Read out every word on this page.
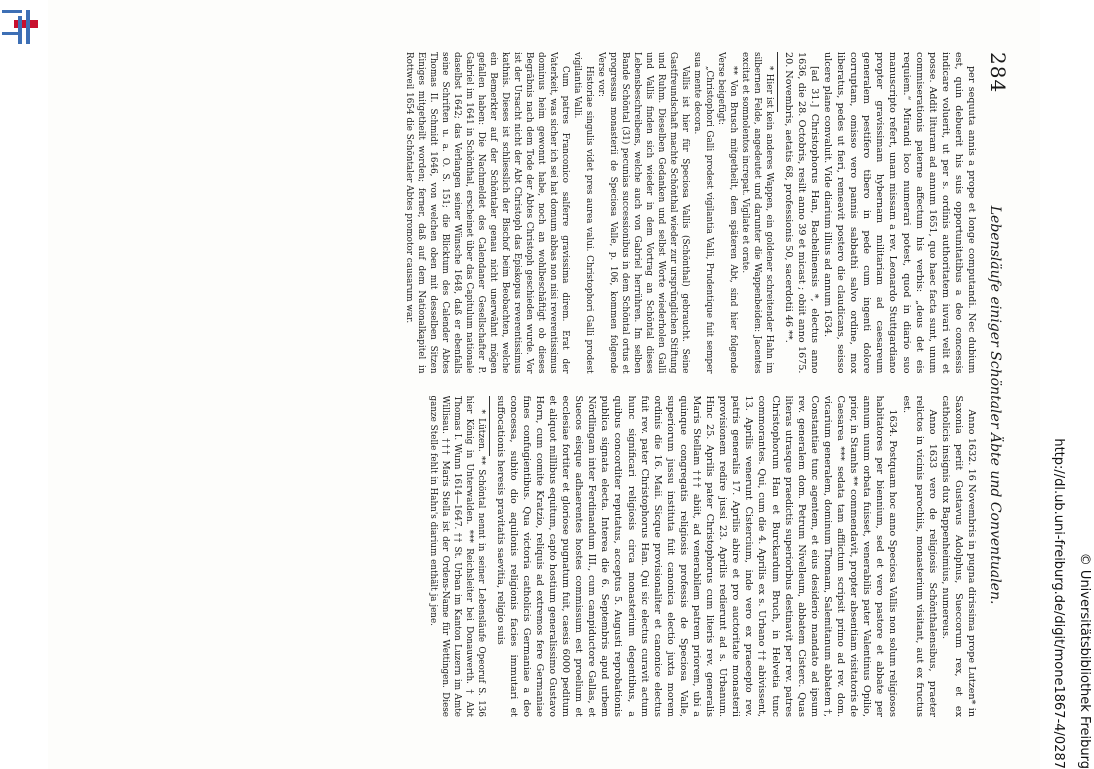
284
Lebensläufe einiger Schöntaler Äbte und Conventualen.

per sequuta annis a prope et longe computandi. Nec dubium est, quin debuerit his suis opportunitatibus a deo concessis indicare voluerit, ut per s. ordinis authoritatem iuvari velit et posse. Addit lituram ad annum 1651, quo haec facta sunt, unum commiserationis paterne affectum his verbis: „deus det eis requiem.“ Mirandi loco numerari potest, quod in diario suo manuscripto refert, unam missam a rev. Leonardo Stuttgardiano propter gravissimam hybernam militariam ad caesareum generalem pestifero tibero in pede cum ingenti dolore corruptam, omisso vero pannis sabbathi salvo ordine, mox liberatus, pedes ut fieri, remeavit postero die claudicans, seisso ulcere plane convaluit. Vide diarium illius ad annum 1634.

[ad 31.] Christophorus Han, Bachelinensis *, electus anno 1636, die 28. Octobris, resilt anno 39 et micast ; obiit anno 1675. 20. Novembris, aetatis 68, professionis 50, sacerdotii 46 **.

* Hier ist kein anderes Wappen, ein goldener schreitender Hahn im silbernen Felde, angedeutet und darunter die Wappenbeiden: Jacentes excitat et somnolentos increpat. Vigilate et orate.

** Von Brusch mitgetheilt, dem späteren Abt, sind hier folgende Verse beigefügt:

„Christophori Galli prodest vigilantia Valli, Prudentique fuit semper sua mente decora.

Vallis ist hier für Speciosa Vallis (Schönthal) gebraucht. Seine Gastfreundschaft machte Schönthal wieder zur ursprünglichen Stiftung und Ruhm. Dieselben Gedanken und selbst Worte wiederholen Galli und Vallis finden sich wieder in dem Vortrag an Schöntal dieses Lebensbeschreibens, welche auch von Gabriel herrühren. Im selben Bande Schöntal (31) pecunias successionibus in dem Schöntal ortus et progressus monasterii de Speciosa Valle, p. 106, kommen folgende Verse vor:

Historiae singulis videt pres aurea valui. Christophori Galli prodest vigilantia Valli.

Cum patres Franconico salferre gravissima direm. Erat der Vaterkeit, was sicher ich sei hat domum abbas non nisi reverentissimus dominus heim gewonnt habe, noch an wohlbeschäftigt ob dieses Begräbnis nach dem Tode der Abtes Christoph geschieden wurde. Vor ist der Ursacht nicht der Abt Christoph das Episkopus reverentissimus kathnis. Dieses ist schliesslich der Bischof beim Beobachten, welche ein Bemerkter auf der Schöntaler genau nicht unerwähnt mögen gefallen haben: Die Nachmeldet des Calendaner Gesellschafter P. Gabriel im 1641 in Schönthal, erscheinet über das Capitulum nationale daselbst 1642; das Verlangen seiner Wünsche 1648, daß er ebenfalls seine Schriften u. a. O. S. 151; die Blicktum des Calender Abtes Thomas II. Schmidt 1646, von welchen oben mit desselben Sitzen Einiges mitgetheilt worden; ferner, daß auf dem Nationalkapitel in Rottweil 1654 die Schöntaler Abtes promotor causarum war.

Anno 1632. 16 Novembris in pugna dirissima prope Lutzen* in Saxonia periit Gustavus Adolphus, Sueccorum rex, et ex catholicis insignis dux Bappenheimius, numereus.

Anno 1633 vero de religiosis Schönthalensibus, praeter relictos in vicinis parochiis, monasterium visitant, aut ex fructus est.

1634. Postquam hoc anno Speciosa Vallis non solum religiosos habitatores per biennium, sed et vero pastore et abbate per annum unum orbata fuisset, venerabilis pater Valentinus Opilio, prior, in Stamhs ** commendavit, propter absentiam visitatoris de Caesarea *** sedata tam afflictum scripsit primo ad rev. dom. vicarium generalem, dominum Thomam, Salemitanum abbatem †, Constantiae tunc agentem, et eius desiderio mandato ad ipsum rev. generalem dom. Petrum Nivelleum, abbatem Cisterc. Quas literas utrasque praedictis superioribus destinavit per rev. patres Christophorum Han et Burckardum Bruch, in Helvetia tunc commorantes. Qui, cum die 4. Aprilis ex s. Urbano †† abivissent, 13. Aprilis venerunt Cistercium, inde vero ex praecepto rev. patris generalis 17. Aprilis abire et pro auctoritate monasterii provisionem redire jussi 23. Aprilis redierunt ad s. Urbanum. Hinc 25. Aprilis pater Christophorus cum literis rev. generalis Maris Stellam ††† abiit, ad venerabilem patrem priorem, ubi a quinque congregatis religiosis professis de Speciosa Valle, superiorum jussu instituta fuit canonica electio juxta morem ordinis die 16. Maii. Sicque provisionaliter et canonice electus fuit rev. pater Christophorus Han. Qui sic electus curavit actum hunc significari religiosis circa monasterium degentibus, a quibus concorditer reputatus, acceptus 5. Augusti reprobationis publica signata electa. Interea die 6. Septembris apud urbem Nördlingam inter Ferdinandum III., cum campiductore Gallas, et Suecos eisque adhaerentes hostes commissum est proelium et ecclesiae fortiter et gloriose pugnatum fuit, caesis 6000 peditum et aliquot millibus equitum, capto hostium generalissimo Gustavo Horn, cum comite Kratzio, reliquis ad extremos fere Germaniae fines confugientibus. Qua victoria catholicis Germaniae a deo concessa, subito dio aquilonis religionis facies immutari et suffocationis heresis pravitatis saevitia, religio suis

* Lützen. ** Schöntal nennt in seiner Lebensläufe Opeoruf S. 136 hier König in Unterwalden. *** Reichsleiter bei Donauwerth. † Abt Thomas I. Wunn 1614—1647. †† St. Urban im Kanton Luzern im Amte Willisau. ††† Maris Stella ist der Ordens-Name für Wettingen. Diese ganze Stelle fehlt in Hahn's diarium enthält ja jene.	http://dl.ub.uni-freiburg.de/digit/mone1867-4/0287 © Universitätsbibliothek Freiburg
